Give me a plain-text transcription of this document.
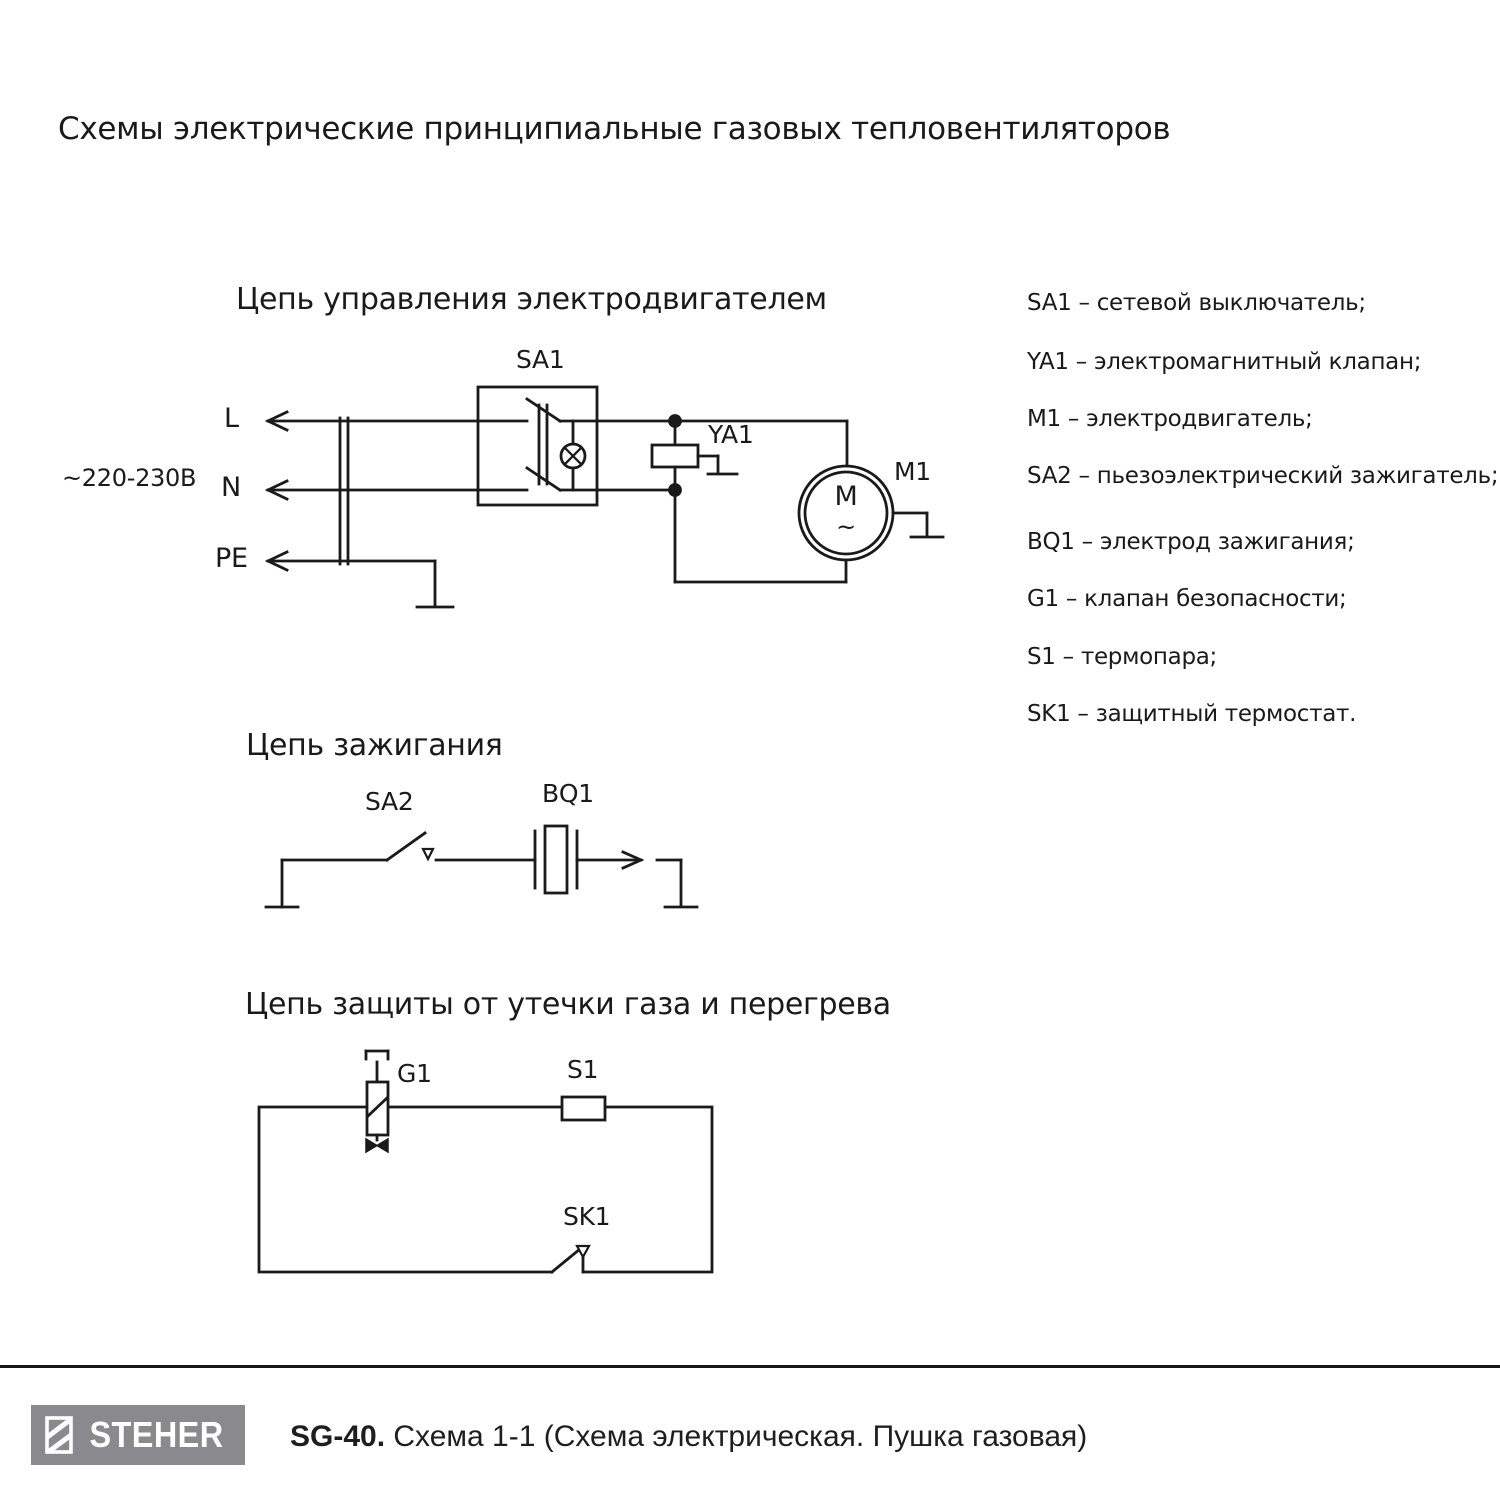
Схемы электрические принципиальные газовых тепловентиляторов
Цепь управления электродвигателем
~220-230В
L
N
PE
SA1
YA1
M1
M
~
SA1 – сетевой выключатель;
YA1 – электромагнитный клапан;
M1 – электродвигатель;
SA2 – пьезоэлектрический зажигатель;
BQ1 – электрод зажигания;
G1 – клапан безопасности;
S1 – термопара;
SK1 – защитный термостат.
Цепь зажигания
SA2	BQ1
Цепь защиты от утечки газа и перегрева
G1	S1
SK1
STEHER SG-40. Схема 1-1 (Схема электрическая. Пушка газовая)
